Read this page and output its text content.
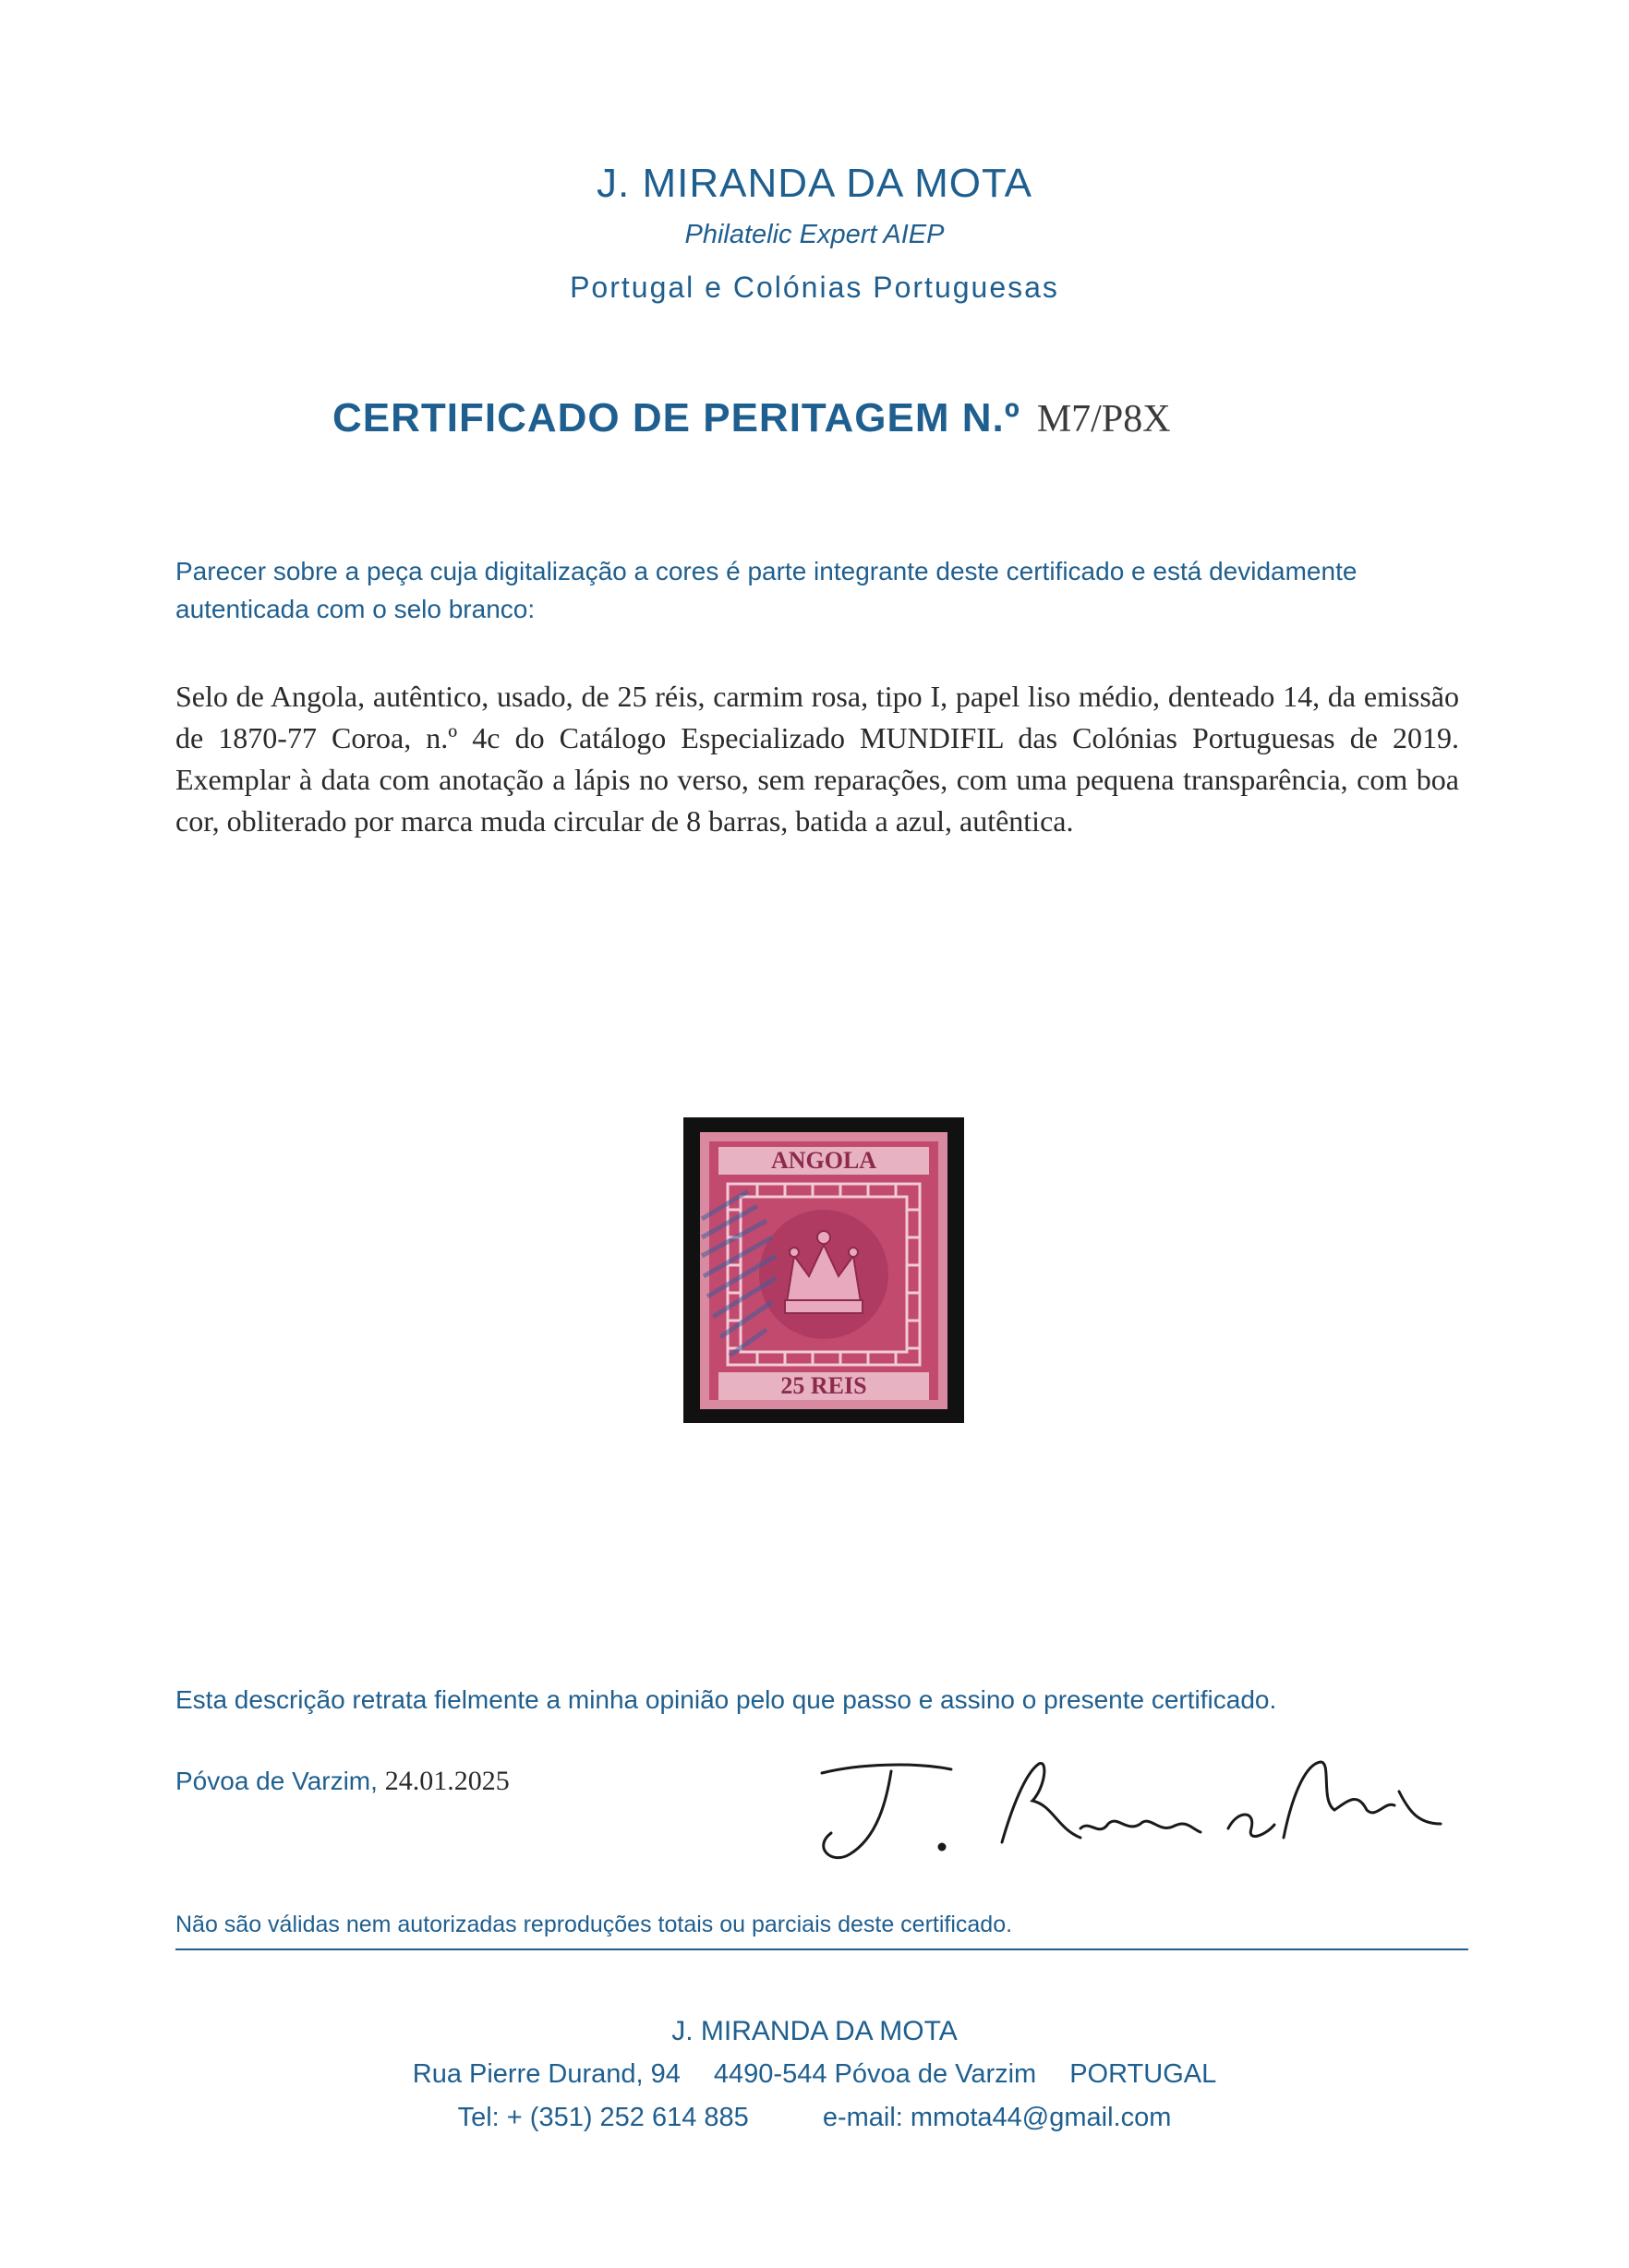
J. MIRANDA DA MOTA
Philatelic Expert AIEP
Portugal e Colónias Portuguesas
CERTIFICADO DE PERITAGEM N.º M7/P8X
Parecer sobre a peça cuja digitalização a cores é parte integrante deste certificado e está devidamente autenticada com o selo branco:
Selo de Angola, autêntico, usado, de 25 réis, carmim rosa, tipo I, papel liso médio, denteado 14, da emissão de 1870-77 Coroa, n.º 4c do Catálogo Especializado MUNDIFIL das Colónias Portuguesas de 2019. Exemplar à data com anotação a lápis no verso, sem reparações, com uma pequena transparência, com boa cor, obliterado por marca muda circular de 8 barras, batida a azul, autêntica.
ANGOLA
25 REIS
Esta descrição retrata fielmente a minha opinião pelo que passo e assino o presente certificado.
Póvoa de Varzim, 24.01.2025
Não são válidas nem autorizadas reproduções totais ou parciais deste certificado.
J. MIRANDA DA MOTA
Rua Pierre Durand, 94 4490-544 Póvoa de Varzim PORTUGAL
Tel: + (351) 252 614 885	e-mail: mmota44@gmail.com
